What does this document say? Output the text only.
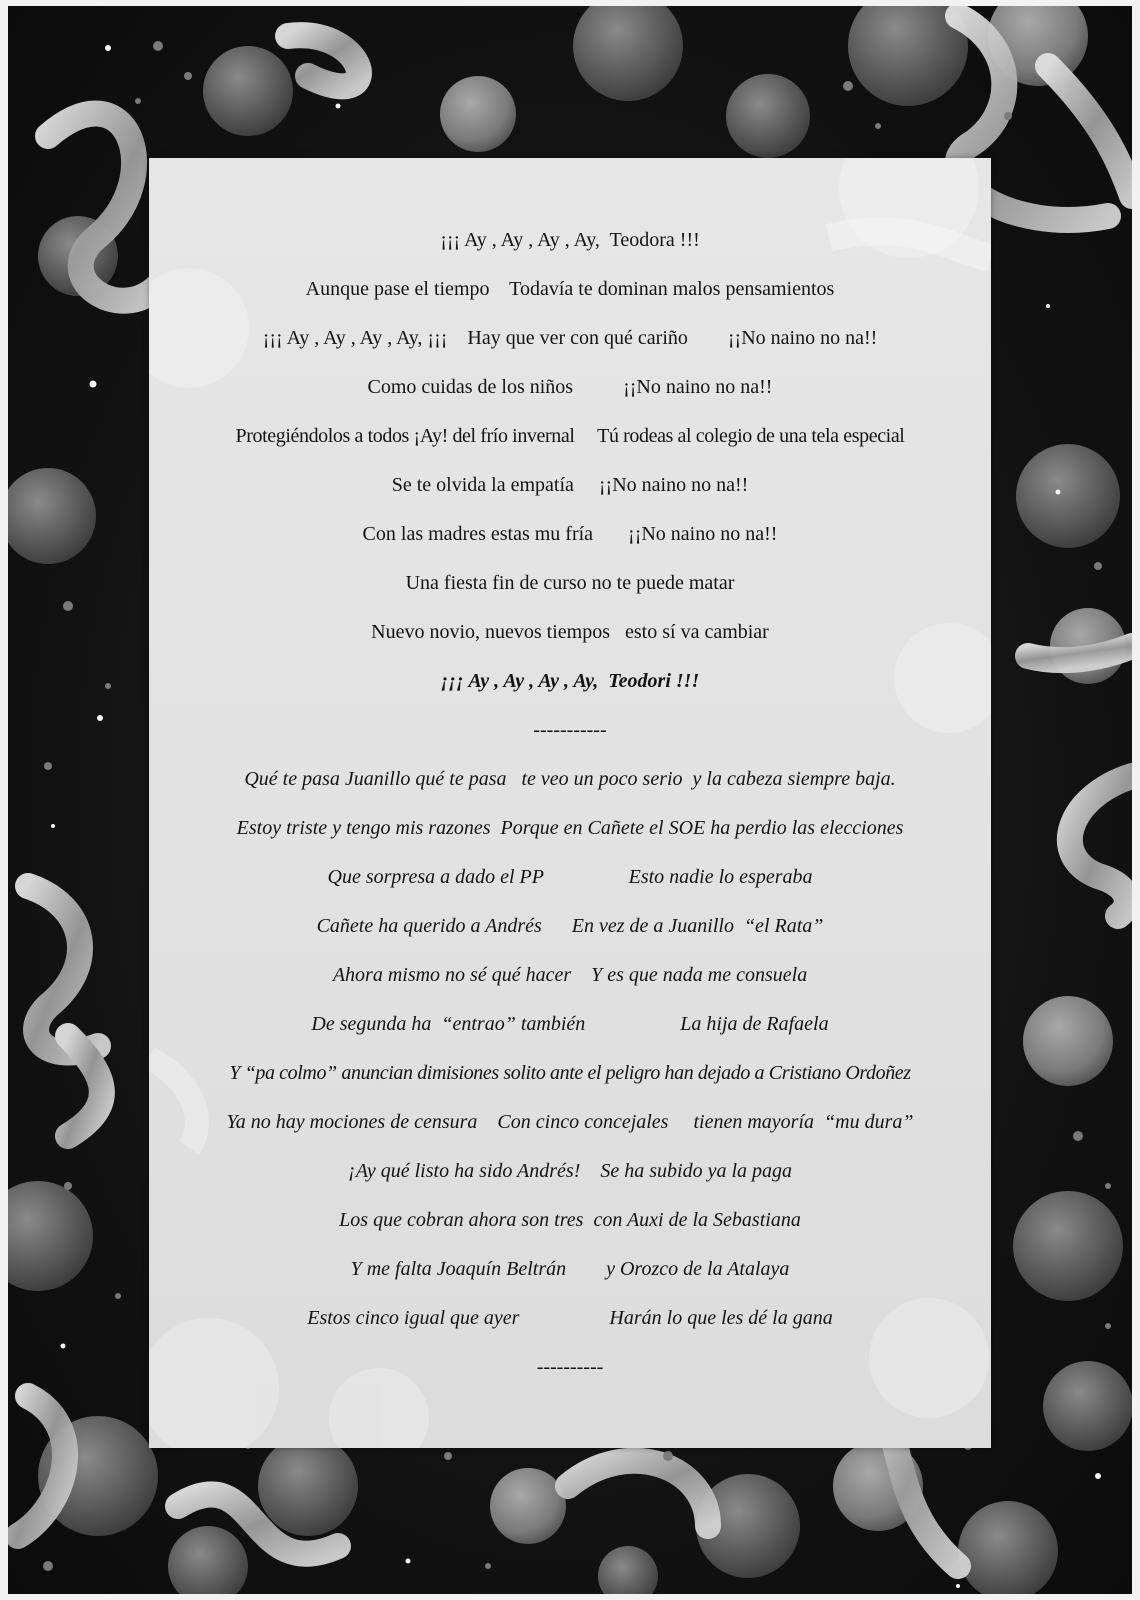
¡¡¡ Ay , Ay , Ay , Ay,  Teodora !!!
Aunque pase el tiempo    Todavía te dominan malos pensamientos
¡¡¡ Ay , Ay , Ay , Ay, ¡¡¡    Hay que ver con qué cariño        ¡¡No naino no na!!
Como cuidas de los niños          ¡¡No naino no na!!
Protegiéndolos a todos ¡Ay! del frío invernal     Tú rodeas al colegio de una tela especial
Se te olvida la empatía     ¡¡No naino no na!!
Con las madres estas mu fría       ¡¡No naino no na!!
Una fiesta fin de curso no te puede matar
Nuevo novio, nuevos tiempos   esto sí va cambiar
¡¡¡ Ay , Ay , Ay , Ay,  Teodori !!!
-----------
Qué te pasa Juanillo qué te pasa   te veo un poco serio  y la cabeza siempre baja.
Estoy triste y tengo mis razones  Porque en Cañete el SOE ha perdio las elecciones
Que sorpresa a dado el PP                 Esto nadie lo esperaba
Cañete ha querido a Andrés      En vez de a Juanillo  “el Rata”
Ahora mismo no sé qué hacer    Y es que nada me consuela
De segunda ha  “entrao” también                   La hija de Rafaela
Y “pa colmo” anuncian dimisiones solito ante el peligro han dejado a Cristiano Ordoñez
Ya no hay mociones de censura    Con cinco concejales     tienen mayoría  “mu dura”
¡Ay qué listo ha sido Andrés!    Se ha subido ya la paga
Los que cobran ahora son tres  con Auxi de la Sebastiana
Y me falta Joaquín Beltrán        y Orozco de la Atalaya
Estos cinco igual que ayer                  Harán lo que les dé la gana
----------
